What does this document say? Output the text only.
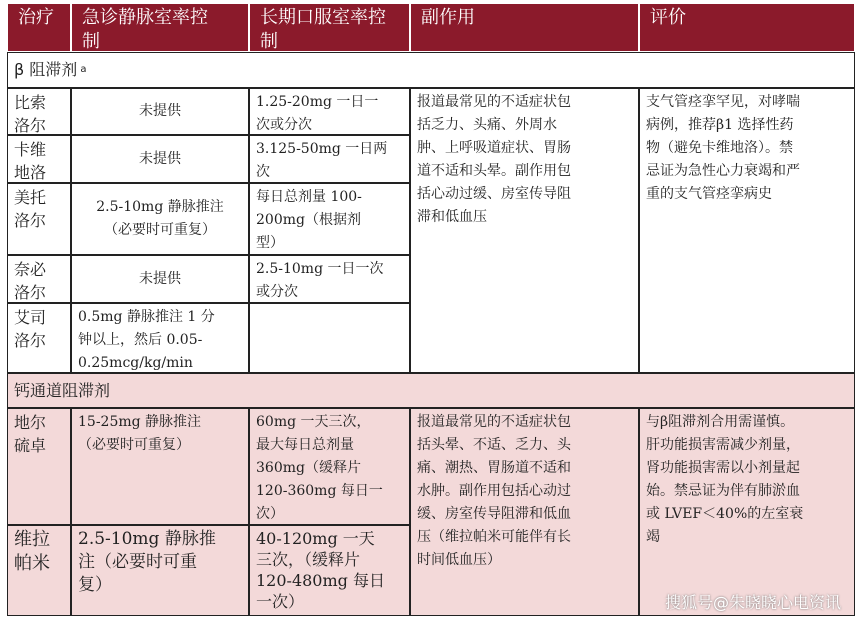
治疗	急诊静脉室率控
制
长期口服室率控
制
副作用	评价
β 阻滞剂 a
比索
洛尔
未提供
1.25-20mg 一日一
次或分次
卡维
地洛
未提供
3.125-50mg 一日两
次
美托
洛尔
2.5-10mg 静脉推注
（必要时可重复）
每日总剂量 100-
200mg（根据剂
型）
奈必
洛尔
未提供
2.5-10mg 一日一次
或分次
艾司
洛尔
0.5mg 静脉推注 1 分
钟以上，然后 0.05-
0.25mcg/kg/min
报道最常见的不适症状包
括乏力、头痛、外周水
肿、上呼吸道症状、胃肠
道不适和头晕。副作用包
括心动过缓、房室传导阻
滞和低血压
支气管痉挛罕见，对哮喘
病例，推荐β1 选择性药
物（避免卡维地洛）。禁
忌证为急性心力衰竭和严
重的支气管痉挛病史
钙通道阻滞剂
地尔
硫卓
15-25mg 静脉推注
（必要时可重复）
60mg 一天三次，
最大每日总剂量
360mg（缓释片
120-360mg 每日一
次）
维拉
帕米
2.5-10mg 静脉推
注（必要时可重
复）
40-120mg 一天
三次，（缓释片
120-480mg 每日
一次）
报道最常见的不适症状包
括头晕、不适、乏力、头
痛、潮热、胃肠道不适和
水肿。副作用包括心动过
缓、房室传导阻滞和低血
压（维拉帕米可能伴有长
时间低血压）
与β阻滞剂合用需谨慎。
肝功能损害需减少剂量，
肾功能损害需以小剂量起
始。禁忌证为伴有肺淤血
或 LVEF＜40%的左室衰
竭
搜狐号@朱晓晓心电资讯
